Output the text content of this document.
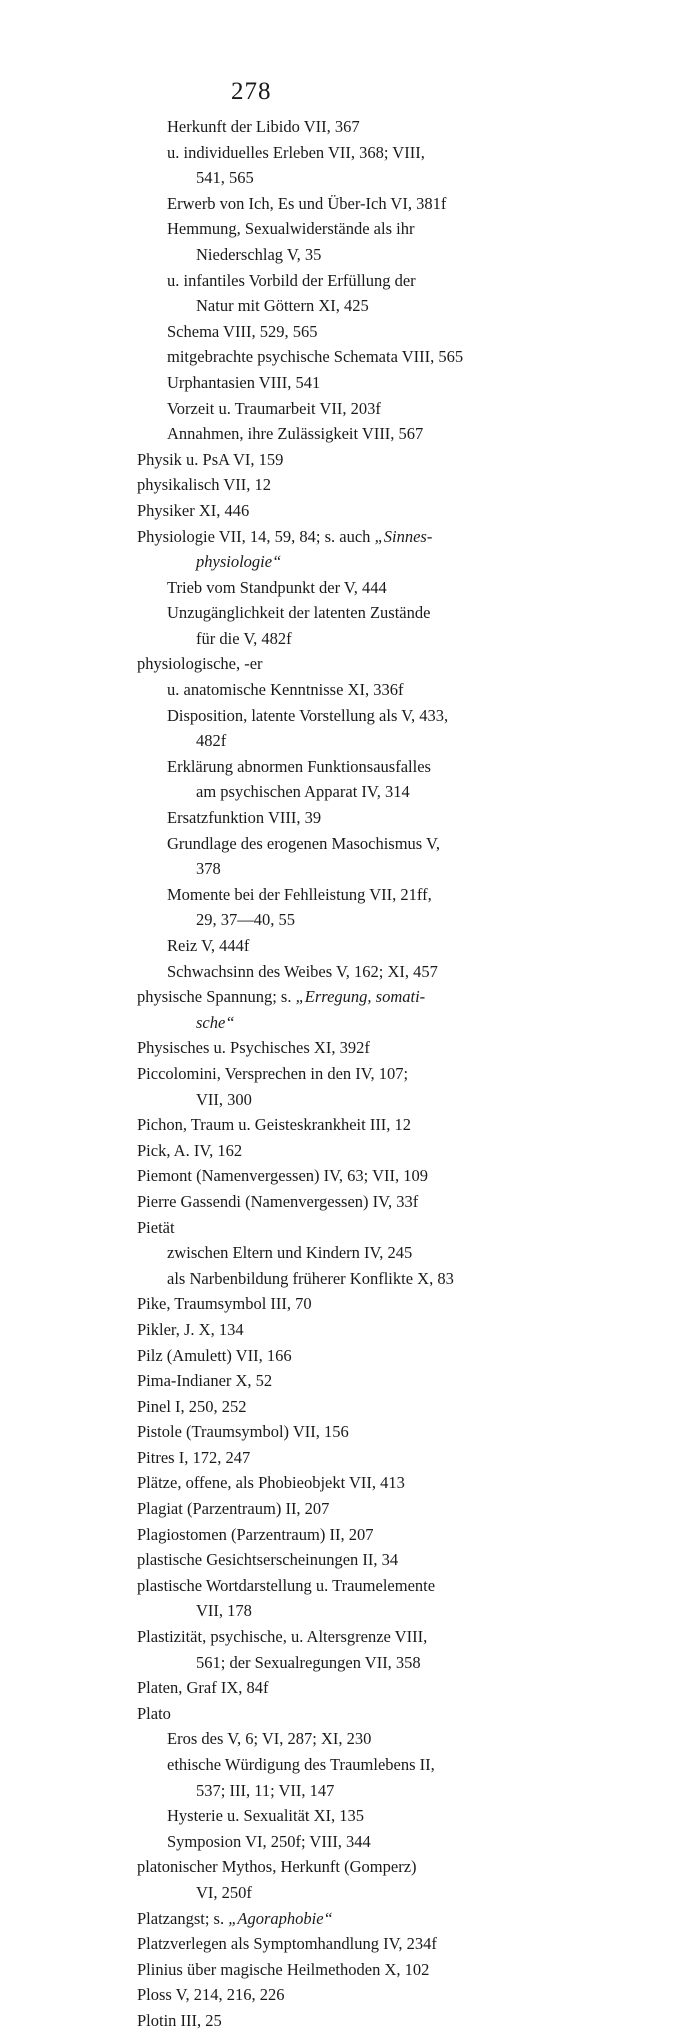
278
Herkunft der Libido VII, 367
u. individuelles Erleben VII, 368; VIII,
541, 565
Erwerb von Ich, Es und Über-Ich VI, 381f
Hemmung, Sexualwiderstände als ihr
Niederschlag V, 35
u. infantiles Vorbild der Erfüllung der
Natur mit Göttern XI, 425
Schema VIII, 529, 565
mitgebrachte psychische Schemata VIII, 565
Urphantasien VIII, 541
Vorzeit u. Traumarbeit VII, 203f
Annahmen, ihre Zulässigkeit VIII, 567
Physik u. PsA VI, 159
physikalisch VII, 12
Physiker XI, 446
Physiologie VII, 14, 59, 84; s. auch „Sinnes-
physiologie“
Trieb vom Standpunkt der V, 444
Unzugänglichkeit der latenten Zustände
für die V, 482f
physiologische, -er
u. anatomische Kenntnisse XI, 336f
Disposition, latente Vorstellung als V, 433,
482f
Erklärung abnormen Funktionsausfalles
am psychischen Apparat IV, 314
Ersatzfunktion VIII, 39
Grundlage des erogenen Masochismus V,
378
Momente bei der Fehlleistung VII, 21ff,
29, 37—40, 55
Reiz V, 444f
Schwachsinn des Weibes V, 162; XI, 457
physische Spannung; s. „Erregung, somati-
sche“
Physisches u. Psychisches XI, 392f
Piccolomini, Versprechen in den IV, 107;
VII, 300
Pichon, Traum u. Geisteskrankheit III, 12
Pick, A. IV, 162
Piemont (Namenvergessen) IV, 63; VII, 109
Pierre Gassendi (Namenvergessen) IV, 33f
Pietät
zwischen Eltern und Kindern IV, 245
als Narbenbildung früherer Konflikte X, 83
Pike, Traumsymbol III, 70
Pikler, J. X, 134
Pilz (Amulett) VII, 166
Pima-Indianer X, 52
Pinel I, 250, 252
Pistole (Traumsymbol) VII, 156
Pitres I, 172, 247
Plätze, offene, als Phobieobjekt VII, 413
Plagiat (Parzentraum) II, 207
Plagiostomen (Parzentraum) II, 207
plastische Gesichtserscheinungen II, 34
plastische Wortdarstellung u. Traumelemente
VII, 178
Plastizität, psychische, u. Altersgrenze VIII,
561; der Sexualregungen VII, 358
Platen, Graf IX, 84f
Plato
Eros des V, 6; VI, 287; XI, 230
ethische Würdigung des Traumlebens II,
537; III, 11; VII, 147
Hysterie u. Sexualität XI, 135
Symposion VI, 250f; VIII, 344
platonischer Mythos, Herkunft (Gomperz)
VI, 250f
Platzangst; s. „Agoraphobie“
Platzverlegen als Symptomhandlung IV, 234f
Plinius über magische Heilmethoden X, 102
Ploss V, 214, 216, 226
Plotin III, 25
